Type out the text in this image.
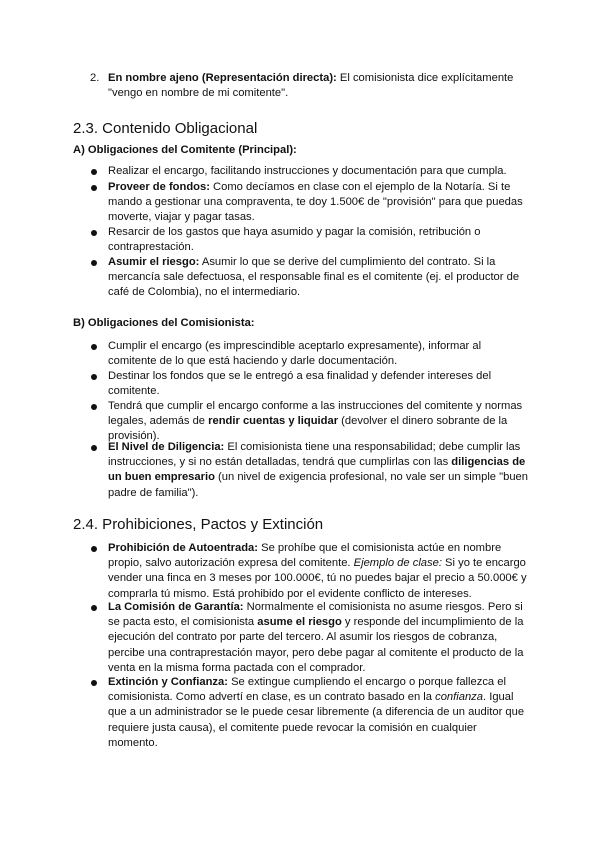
2. En nombre ajeno (Representación directa): El comisionista dice explícitamente "vengo en nombre de mi comitente".

2.3. Contenido Obligacional
A) Obligaciones del Comitente (Principal):

Realizar el encargo, facilitando instrucciones y documentación para que cumpla.

Proveer de fondos: Como decíamos en clase con el ejemplo de la Notaría. Si te mando a gestionar una compraventa, te doy 1.500€ de "provisión" para que puedas moverte, viajar y pagar tasas.

Resarcir de los gastos que haya asumido y pagar la comisión, retribución o contraprestación.

Asumir el riesgo: Asumir lo que se derive del cumplimiento del contrato. Si la mercancía sale defectuosa, el responsable final es el comitente (ej. el productor de café de Colombia), no el intermediario.

B) Obligaciones del Comisionista:

Cumplir el encargo (es imprescindible aceptarlo expresamente), informar al comitente de lo que está haciendo y darle documentación.

Destinar los fondos que se le entregó a esa finalidad y defender intereses del comitente.

Tendrá que cumplir el encargo conforme a las instrucciones del comitente y normas legales, además de rendir cuentas y liquidar (devolver el dinero sobrante de la provisión).

El Nivel de Diligencia: El comisionista tiene una responsabilidad; debe cumplir las instrucciones, y si no están detalladas, tendrá que cumplirlas con las diligencias de un buen empresario (un nivel de exigencia profesional, no vale ser un simple "buen padre de familia").

2.4. Prohibiciones, Pactos y Extinción

Prohibición de Autoentrada: Se prohíbe que el comisionista actúe en nombre propio, salvo autorización expresa del comitente. Ejemplo de clase: Si yo te encargo vender una finca en 3 meses por 100.000€, tú no puedes bajar el precio a 50.000€ y comprarla tú mismo. Está prohibido por el evidente conflicto de intereses.

La Comisión de Garantía: Normalmente el comisionista no asume riesgos. Pero si se pacta esto, el comisionista asume el riesgo y responde del incumplimiento de la ejecución del contrato por parte del tercero. Al asumir los riesgos de cobranza, percibe una contraprestación mayor, pero debe pagar al comitente el producto de la venta en la misma forma pactada con el comprador.

Extinción y Confianza: Se extingue cumpliendo el encargo o porque fallezca el comisionista. Como advertí en clase, es un contrato basado en la confianza. Igual que a un administrador se le puede cesar libremente (a diferencia de un auditor que requiere justa causa), el comitente puede revocar la comisión en cualquier momento.
